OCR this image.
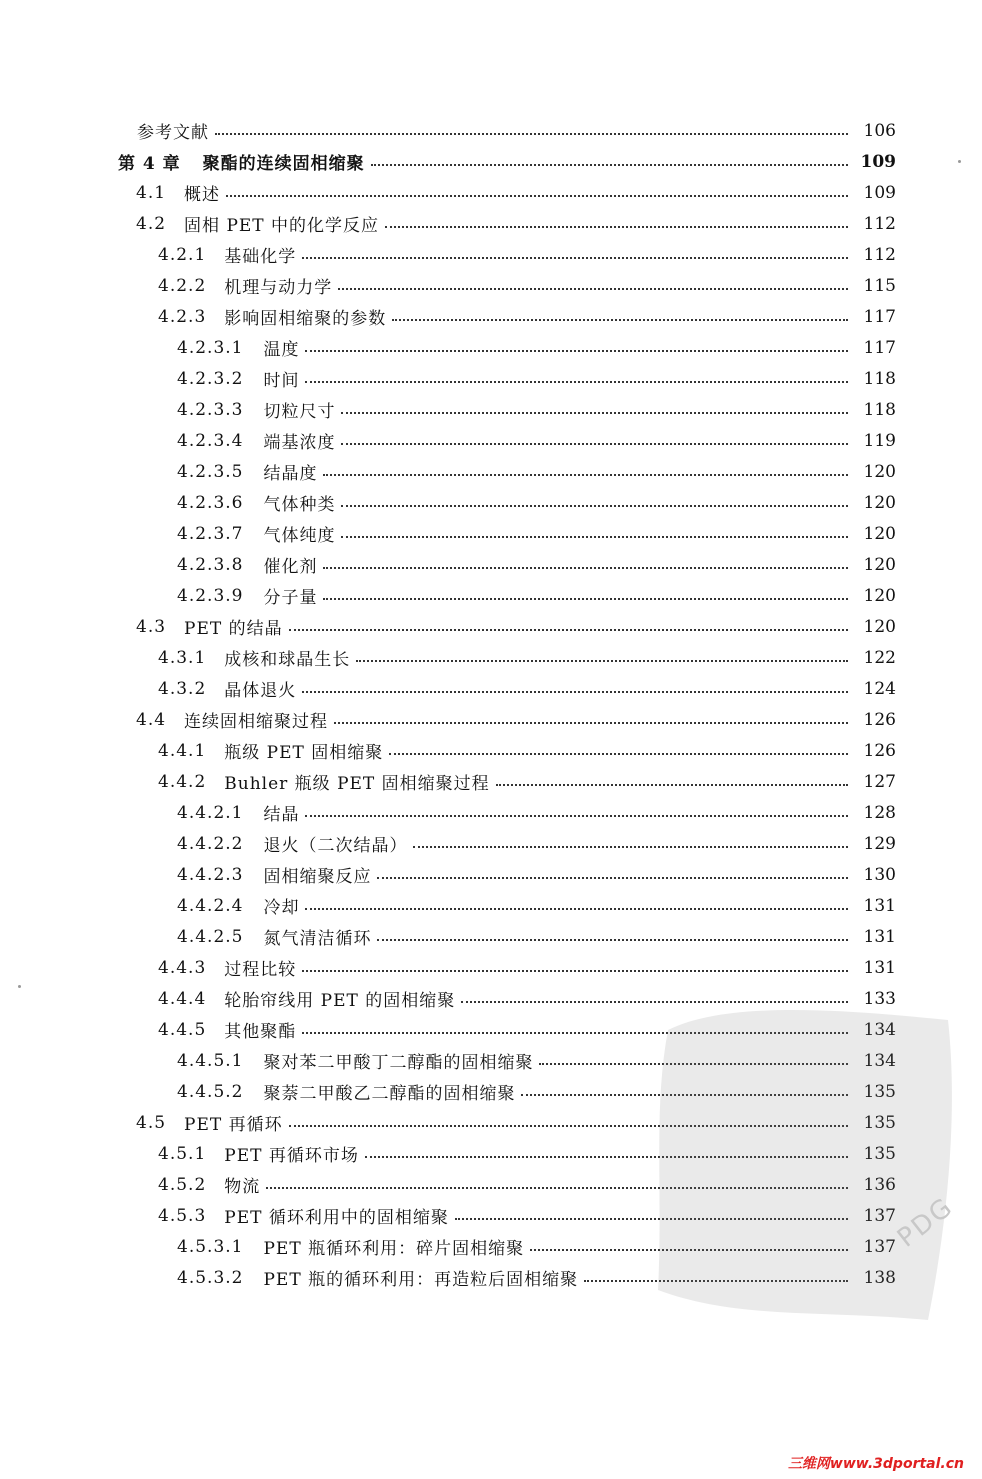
参考文献	106
第 4 章 聚酯的连续固相缩聚	109
4.1 概述	109
4.2 固相 PET 中的化学反应	112
4.2.1 基础化学	112
4.2.2 机理与动力学	115
4.2.3 影响固相缩聚的参数	117
4.2.3.1 温度	117
4.2.3.2 时间	118
4.2.3.3 切粒尺寸	118
4.2.3.4 端基浓度	119
4.2.3.5 结晶度	120
4.2.3.6 气体种类	120
4.2.3.7 气体纯度	120
4.2.3.8 催化剂	120
4.2.3.9 分子量	120
4.3 PET 的结晶	120
4.3.1 成核和球晶生长	122
4.3.2 晶体退火	124
4.4 连续固相缩聚过程	126
4.4.1 瓶级 PET 固相缩聚	126
4.4.2 Buhler 瓶级 PET 固相缩聚过程	127
4.4.2.1 结晶	128
4.4.2.2 退火（二次结晶）	129
4.4.2.3 固相缩聚反应	130
4.4.2.4 冷却	131
4.4.2.5 氮气清洁循环	131
4.4.3 过程比较	131
4.4.4 轮胎帘线用 PET 的固相缩聚	133
4.4.5 其他聚酯	134
4.4.5.1 聚对苯二甲酸丁二醇酯的固相缩聚	134
4.4.5.2 聚萘二甲酸乙二醇酯的固相缩聚	135
4.5 PET 再循环	135
4.5.1 PET 再循环市场	135
4.5.2 物流	136
4.5.3 PET 循环利用中的固相缩聚	137
4.5.3.1 PET 瓶循环利用：碎片固相缩聚	137
4.5.3.2 PET 瓶的循环利用：再造粒后固相缩聚	138
PDG
三维网www.3dportal.cn
